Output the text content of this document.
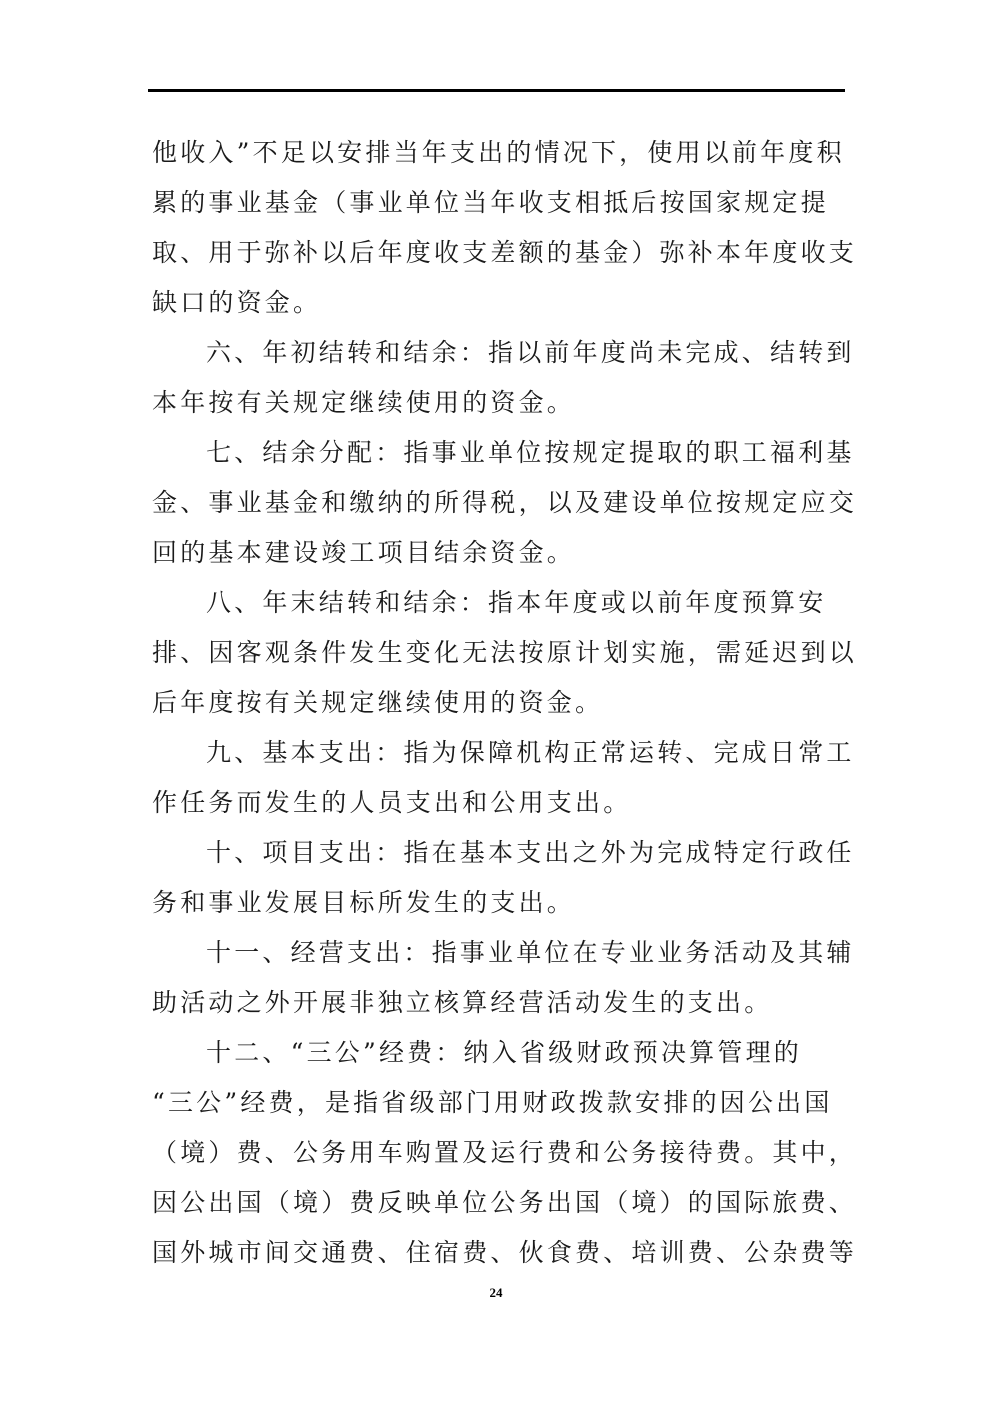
他收入”不足以安排当年支出的情况下，使用以前年度积
累的事业基金（事业单位当年收支相抵后按国家规定提
取、用于弥补以后年度收支差额的基金）弥补本年度收支
缺口的资金。

六、年初结转和结余：指以前年度尚未完成、结转到
本年按有关规定继续使用的资金。

七、结余分配：指事业单位按规定提取的职工福利基
金、事业基金和缴纳的所得税，以及建设单位按规定应交
回的基本建设竣工项目结余资金。

八、年末结转和结余：指本年度或以前年度预算安
排、因客观条件发生变化无法按原计划实施，需延迟到以
后年度按有关规定继续使用的资金。

九、基本支出：指为保障机构正常运转、完成日常工
作任务而发生的人员支出和公用支出。

十、项目支出：指在基本支出之外为完成特定行政任
务和事业发展目标所发生的支出。

十一、经营支出：指事业单位在专业业务活动及其辅
助活动之外开展非独立核算经营活动发生的支出。

十二、“三公”经费：纳入省级财政预决算管理的
“三公”经费，是指省级部门用财政拨款安排的因公出国
（境）费、公务用车购置及运行费和公务接待费。其中，
因公出国（境）费反映单位公务出国（境）的国际旅费、
国外城市间交通费、住宿费、伙食费、培训费、公杂费等

24
